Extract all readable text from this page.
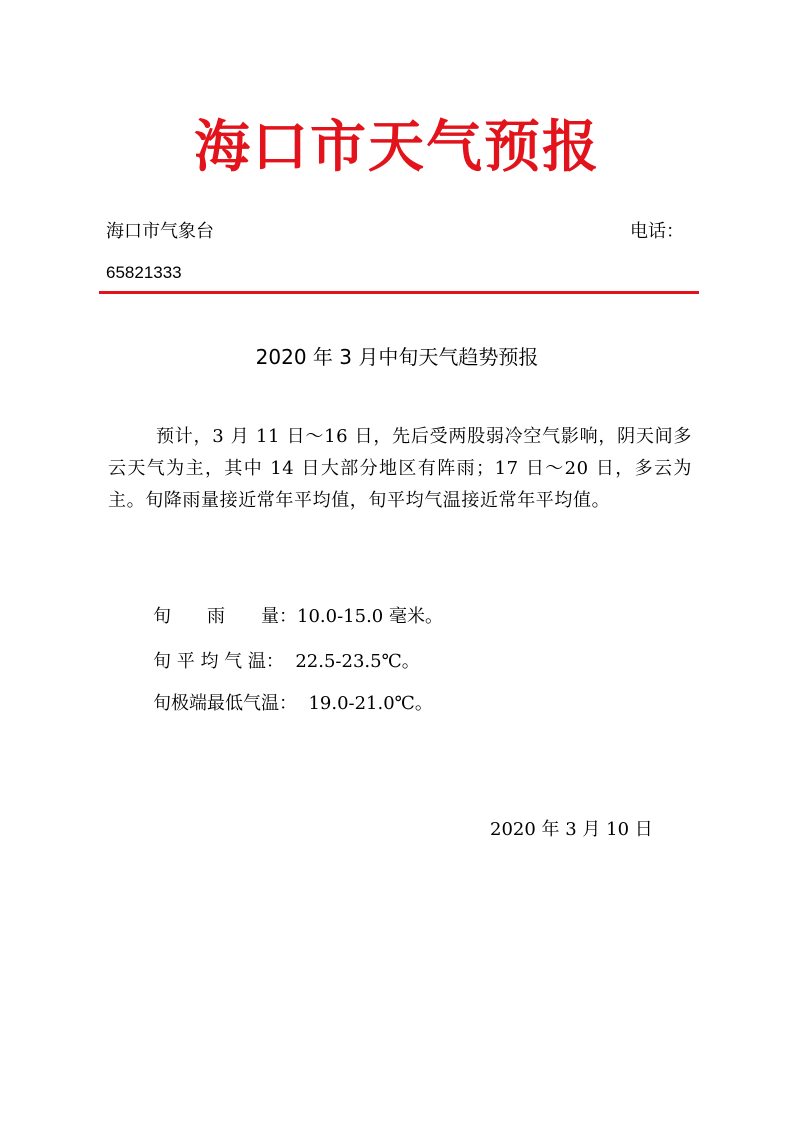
海口市天气预报
海口市气象台	电话：
65821333
2020 年 3 月中旬天气趋势预报
预计，3 月 11 日～16 日，先后受两股弱冷空气影响，阴天间多云天气为主，其中 14 日大部分地区有阵雨；17 日～20 日，多云为主。旬降雨量接近常年平均值，旬平均气温接近常年平均值。
旬　　雨　　量：10.0-15.0 毫米。
旬 平 均 气 温：  22.5-23.5℃。
旬极端最低气温：  19.0-21.0℃。
2020 年 3 月 10 日
